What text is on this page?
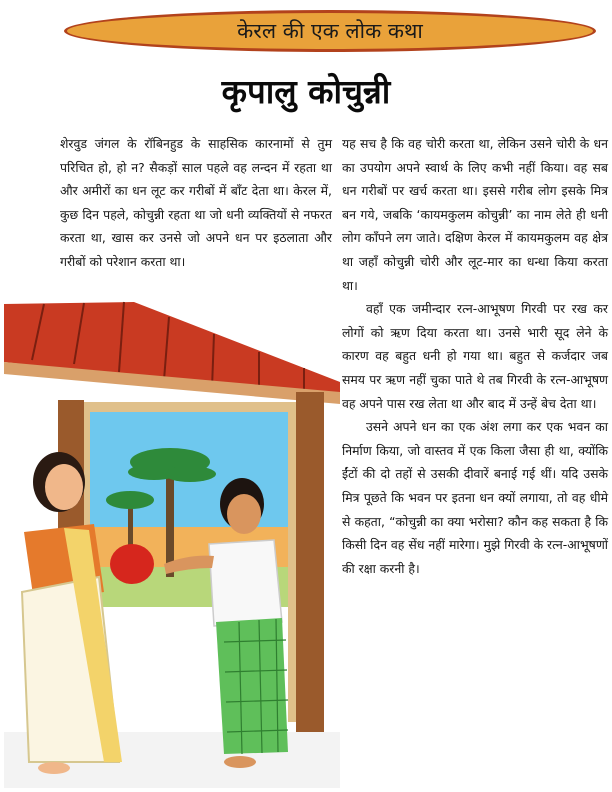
केरल की एक लोक कथा
कृपालु कोचुन्नी

शेरवुड जंगल के रॉबिनहुड के साहसिक कारनामों से तुम परिचित हो, हो न? सैकड़ों साल पहले वह लन्दन में रहता था और अमीरों का धन लूट कर गरीबों में बाँट देता था। केरल में, कुछ दिन पहले, कोचुन्नी रहता था जो धनी व्यक्तियों से नफरत करता था, खास कर उनसे जो अपने धन पर इठलाता और गरीबों को परेशान करता था।

यह सच है कि वह चोरी करता था, लेकिन उसने चोरी के धन का उपयोग अपने स्वार्थ के लिए कभी नहीं किया। वह सब धन गरीबों पर खर्च करता था। इससे गरीब लोग इसके मित्र बन गये, जबकि ‘कायमकुलम कोचुन्नी’ का नाम लेते ही धनी लोग काँपने लग जाते। दक्षिण केरल में कायमकुलम वह क्षेत्र था जहाँ कोचुन्नी चोरी और लूट-मार का धन्धा किया करता था।

वहाँ एक जमीन्दार रत्न-आभूषण गिरवी पर रख कर लोगों को ऋण दिया करता था। उनसे भारी सूद लेने के कारण वह बहुत धनी हो गया था। बहुत से कर्जदार जब समय पर ऋण नहीं चुका पाते थे तब गिरवी के रत्न-आभूषण वह अपने पास रख लेता था और बाद में उन्हें बेच देता था।

उसने अपने धन का एक अंश लगा कर एक भवन का निर्माण किया, जो वास्तव में एक किला जैसा ही था, क्योंकि ईंटों की दो तहों से उसकी दीवारें बनाई गई थीं। यदि उसके मित्र पूछते कि भवन पर इतना धन क्यों लगाया, तो वह धीमे से कहता, “कोचुन्नी का क्या भरोसा? कौन कह सकता है कि किसी दिन वह सेंध नहीं मारेगा। मुझे गिरवी के रत्न-आभूषणों की रक्षा करनी है।
